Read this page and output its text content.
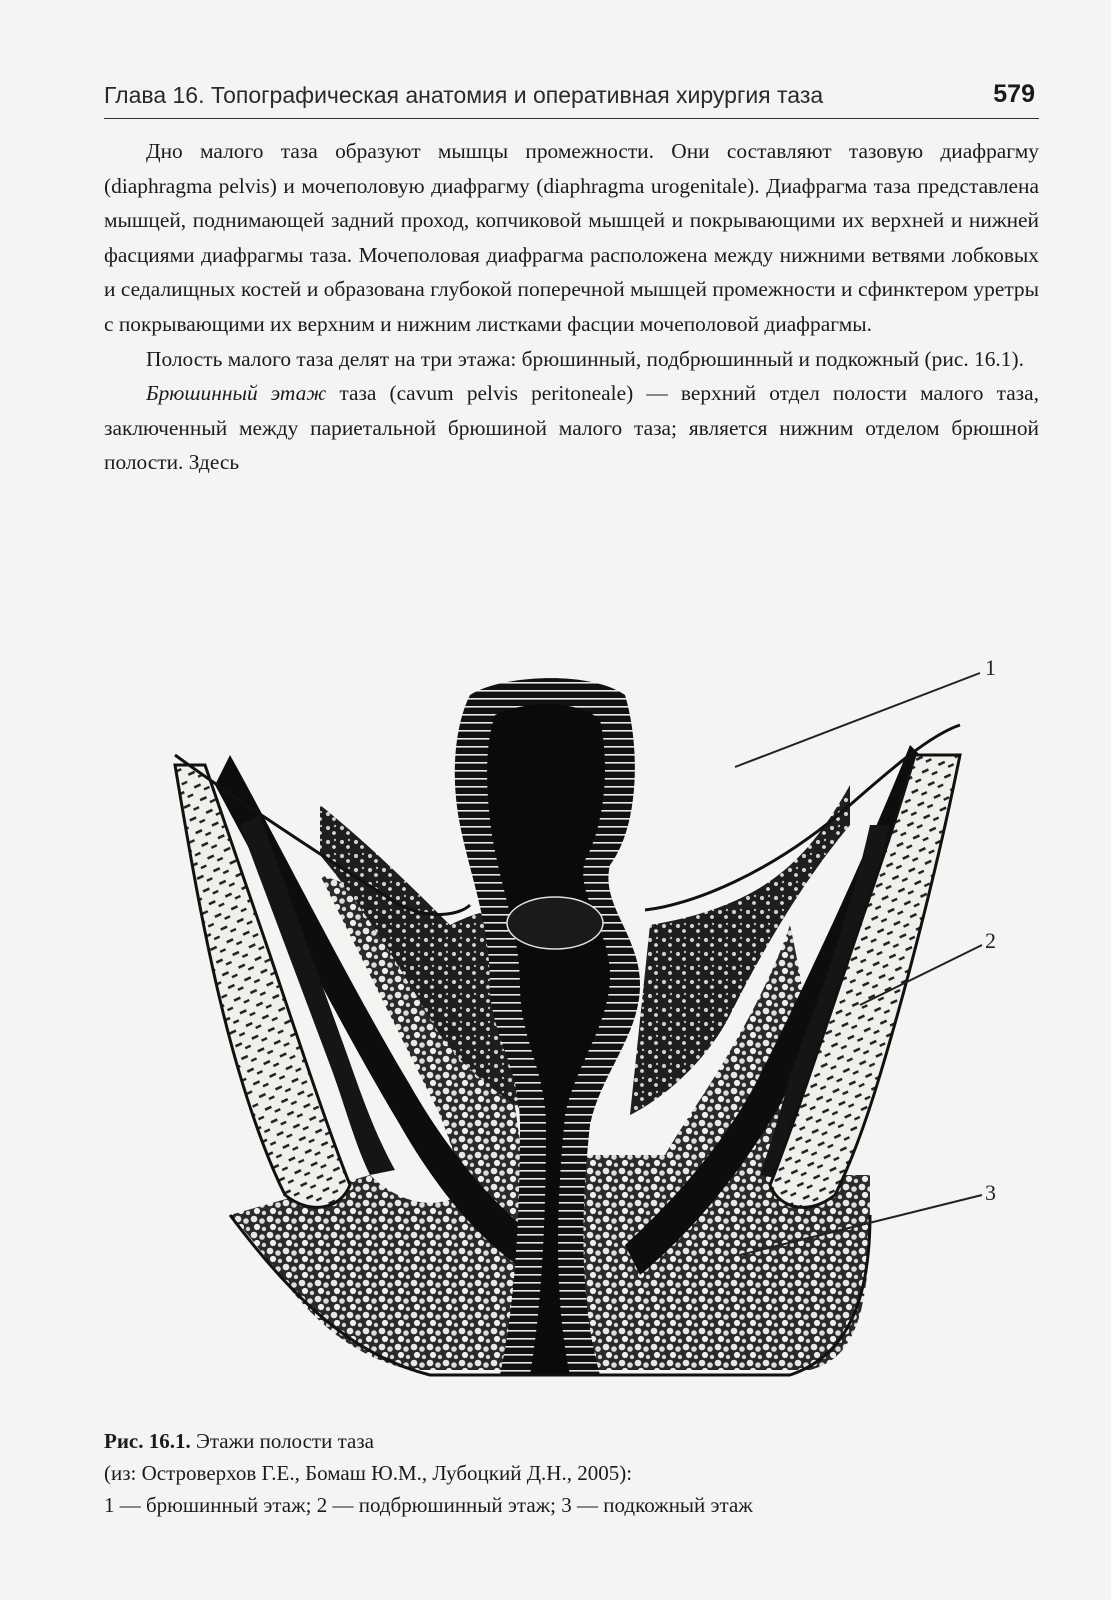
Глава 16. Топографическая анатомия и оперативная хирургия таза	579

Дно малого таза образуют мышцы промежности. Они составляют тазовую диафрагму (diaphragma pelvis) и мочеполовую диафрагму (diaphragma urogenitale). Диафрагма таза представлена мышцей, поднимающей задний проход, копчиковой мышцей и покрывающими их верхней и нижней фасциями диафрагмы таза. Мочеполовая диафрагма расположена между нижними ветвями лобковых и седалищных костей и образована глубокой поперечной мышцей промежности и сфинктером уретры с покрывающими их верхним и нижним листками фасции мочеполовой диафрагмы.

Полость малого таза делят на три этажа: брюшинный, подбрюшинный и подкожный (рис. 16.1).

Брюшинный этаж таза (cavum pelvis peritoneale) — верхний отдел полости малого таза, заключенный между париетальной брюшиной малого таза; является нижним отделом брюшной полости. Здесь

1
2
3
Рис. 16.1. Этажи полости таза
(из: Островерхов Г.Е., Бомаш Ю.М., Лубоцкий Д.Н., 2005):
1 — брюшинный этаж; 2 — подбрюшинный этаж; 3 — подкожный этаж
